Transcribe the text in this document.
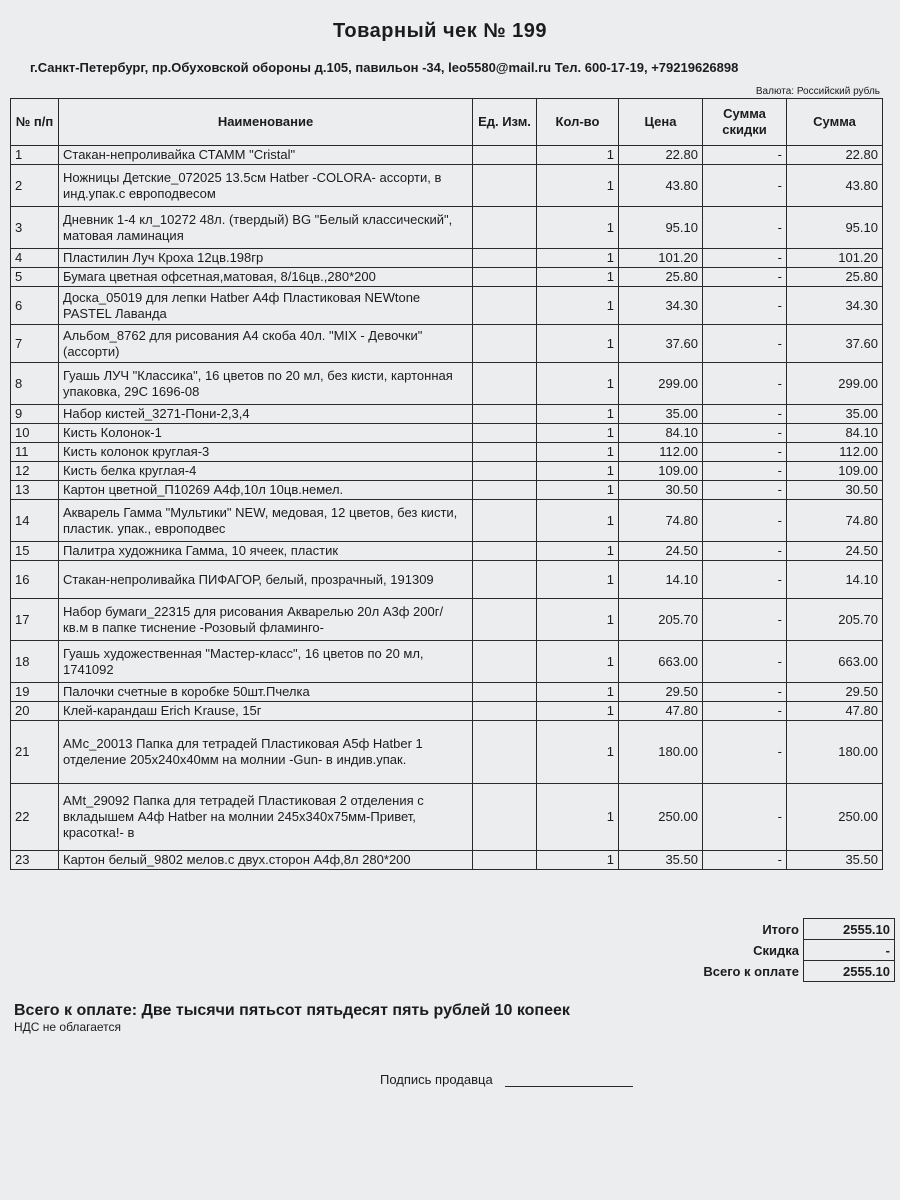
Товарный чек № 199
г.Санкт-Петербург, пр.Обуховской обороны д.105, павильон -34, leo5580@mail.ru Тел. 600-17-19, +79219626898
Валюта: Российский рубль
№ п/п	Наименование	Ед. Изм.	Кол-во	Цена	Сумма скидки	Сумма
1	Стакан-непроливайка СТАММ "Cristal"		1	22.80	-	22.80
2	Ножницы Детские_072025 13.5см Hatber -COLORA- ассорти, в инд.упак.с европодвесом		1	43.80	-	43.80
3	Дневник 1-4 кл_10272 48л. (твердый) BG "Белый классический", матовая ламинация		1	95.10	-	95.10
4	Пластилин Луч Кроха 12цв.198гр		1	101.20	-	101.20
5	Бумага цветная офсетная,матовая, 8/16цв.,280*200		1	25.80	-	25.80
6	Доска_05019 для лепки Hatber А4ф Пластиковая NEWtone PASTEL Лаванда		1	34.30	-	34.30
7	Альбом_8762 для рисования А4 скоба 40л. "MIX - Девочки" (ассорти)		1	37.60	-	37.60
8	Гуашь ЛУЧ "Классика", 16 цветов по 20 мл, без кисти, картонная упаковка, 29С 1696-08		1	299.00	-	299.00
9	Набор кистей_3271-Пони-2,3,4		1	35.00	-	35.00
10	Кисть Колонок-1		1	84.10	-	84.10
11	Кисть колонок круглая-3		1	112.00	-	112.00
12	Кисть белка круглая-4		1	109.00	-	109.00
13	Картон цветной_П10269 А4ф,10л 10цв.немел.		1	30.50	-	30.50
14	Акварель Гамма "Мультики" NEW, медовая, 12 цветов, без кисти, пластик. упак., европодвес		1	74.80	-	74.80
15	Палитра художника Гамма, 10 ячеек, пластик		1	24.50	-	24.50
16	Стакан-непроливайка ПИФАГОР, белый, прозрачный, 191309		1	14.10	-	14.10
17	Набор бумаги_22315 для рисования Акварелью 20л А3ф 200г/кв.м в папке тиснение -Розовый фламинго-		1	205.70	-	205.70
18	Гуашь художественная "Мастер-класс", 16 цветов по 20 мл, 1741092		1	663.00	-	663.00
19	Палочки счетные в коробке 50шт.Пчелка		1	29.50	-	29.50
20	Клей-карандаш Erich Krause, 15г		1	47.80	-	47.80
21	АМс_20013 Папка для тетрадей Пластиковая А5ф Hatber 1 отделение 205х240х40мм на молнии -Gun- в индив.упак.		1	180.00	-	180.00
22	АМt_29092 Папка для тетрадей Пластиковая 2 отделения с вкладышем А4ф Hatber на молнии 245х340х75мм-Привет, красотка!- в		1	250.00	-	250.00
23	Картон белый_9802 мелов.с двух.сторон А4ф,8л 280*200		1	35.50	-	35.50
Итого	2555.10
Скидка	-
Всего к оплате	2555.10
Всего к оплате: Две тысячи пятьсот пятьдесят пять рублей 10 копеек
НДС не облагается
Подпись продавца
